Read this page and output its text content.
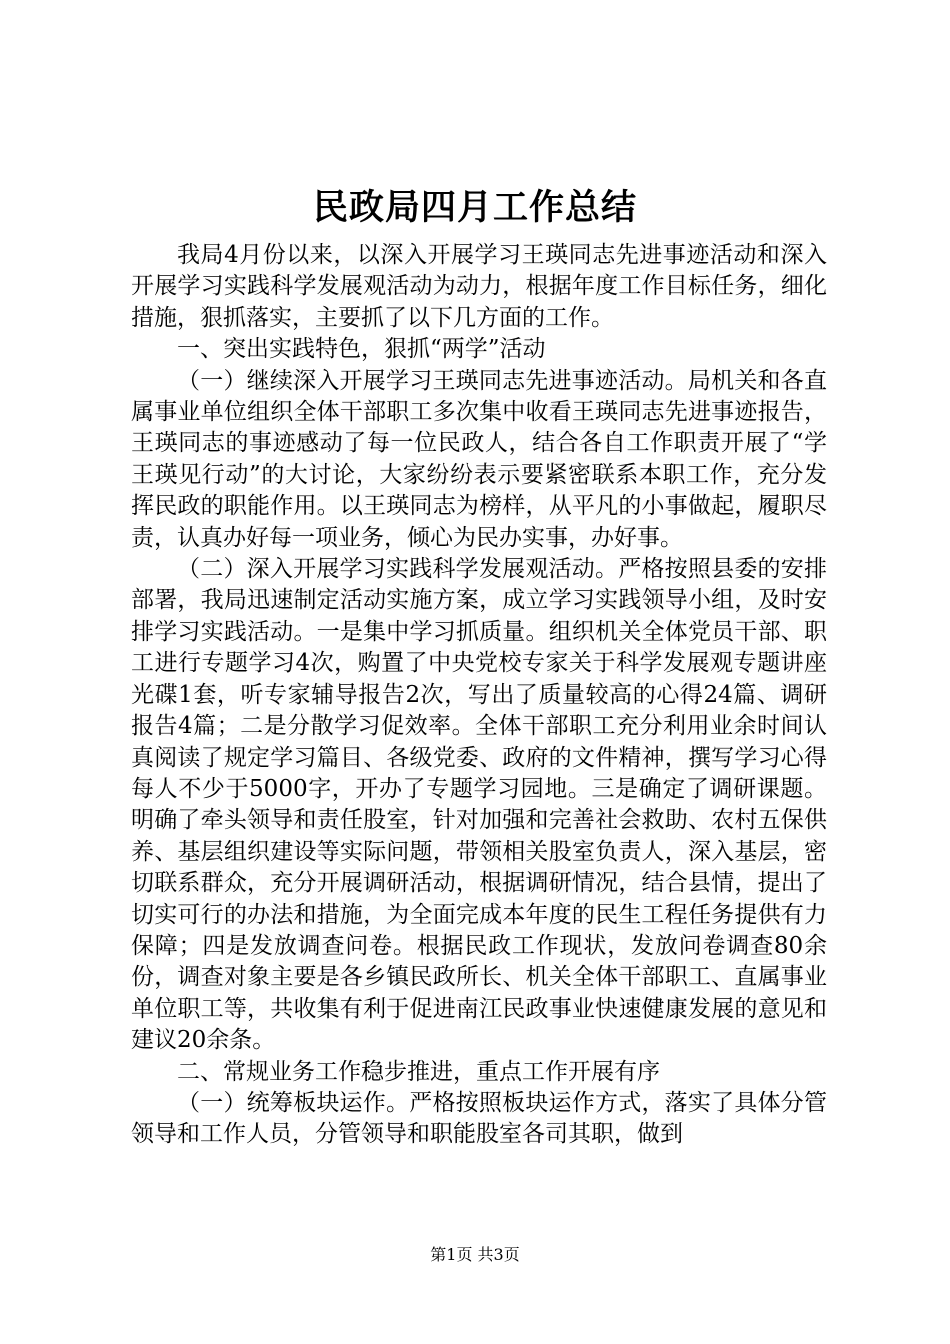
民政局四月工作总结

我局4月份以来，以深入开展学习王瑛同志先进事迹活动和深入开展学习实践科学发展观活动为动力，根据年度工作目标任务，细化措施，狠抓落实，主要抓了以下几方面的工作。

一、突出实践特色，狠抓“两学”活动

（一）继续深入开展学习王瑛同志先进事迹活动。局机关和各直属事业单位组织全体干部职工多次集中收看王瑛同志先进事迹报告，王瑛同志的事迹感动了每一位民政人，结合各自工作职责开展了“学王瑛见行动”的大讨论，大家纷纷表示要紧密联系本职工作，充分发挥民政的职能作用。以王瑛同志为榜样，从平凡的小事做起，履职尽责，认真办好每一项业务，倾心为民办实事，办好事。

（二）深入开展学习实践科学发展观活动。严格按照县委的安排部署，我局迅速制定活动实施方案，成立学习实践领导小组，及时安排学习实践活动。一是集中学习抓质量。组织机关全体党员干部、职工进行专题学习4次，购置了中央党校专家关于科学发展观专题讲座光碟1套，听专家辅导报告2次，写出了质量较高的心得24篇、调研报告4篇；二是分散学习促效率。全体干部职工充分利用业余时间认真阅读了规定学习篇目、各级党委、政府的文件精神，撰写学习心得每人不少于5000字，开办了专题学习园地。三是确定了调研课题。明确了牵头领导和责任股室，针对加强和完善社会救助、农村五保供养、基层组织建设等实际问题，带领相关股室负责人，深入基层，密切联系群众，充分开展调研活动，根据调研情况，结合县情，提出了切实可行的办法和措施，为全面完成本年度的民生工程任务提供有力保障；四是发放调查问卷。根据民政工作现状，发放问卷调查80余份，调查对象主要是各乡镇民政所长、机关全体干部职工、直属事业单位职工等，共收集有利于促进南江民政事业快速健康发展的意见和建议20余条。

二、常规业务工作稳步推进，重点工作开展有序

（一）统筹板块运作。严格按照板块运作方式，落实了具体分管领导和工作人员，分管领导和职能股室各司其职，做到

第1页 共3页
